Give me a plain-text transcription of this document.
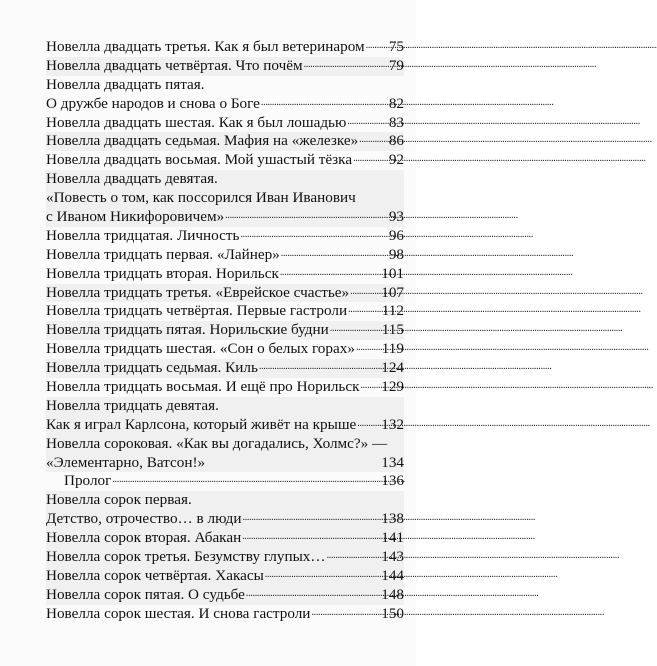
Новелла двадцать третья. Как я был ветеринаром . . . 75
Новелла двадцать четвёртая. Что почём . . .	79
Новелла двадцать пятая.
О дружбе народов и снова о Боге . . .	82
Новелла двадцать шестая. Как я был лошадью . . .	83
Новелла двадцать седьмая. Мафия на «железке» . . . 86
Новелла двадцать восьмая. Мой ушастый тёзка . . . 92
Новелла двадцать девятая.
«Повесть о том, как поссорился Иван Иванович
с Иваном Никифоровичем» . . .	93
Новелла тридцатая. Личность . . .	96
Новелла тридцать первая. «Лайнер» . . .	98
Новелла тридцать вторая. Норильск . . .	101
Новелла тридцать третья. «Еврейское счастье» . . . 107
Новелла тридцать четвёртая. Первые гастроли . . . 112
Новелла тридцать пятая. Норильские будни . . .	115
Новелла тридцать шестая. «Сон о белых горах» . . . 119
Новелла тридцать седьмая. Киль . . .	124
Новелла тридцать восьмая. И ещё про Норильск . . . 129
Новелла тридцать девятая.
Как я играл Карлсона, который живёт на крыше . . . 132
Новелла сороковая. «Как вы догадались, Холмс?» —
«Элементарно, Ватсон!»	134
Пролог . . .	136
Новелла сорок первая.
Детство, отрочество… в люди . . .	138
Новелла сорок вторая. Абакан . . .	141
Новелла сорок третья. Безумству глупых… . . .	143
Новелла сорок четвёртая. Хакасы . . .	144
Новелла сорок пятая. О судьбе . . .	148
Новелла сорок шестая. И снова гастроли . . .	150
